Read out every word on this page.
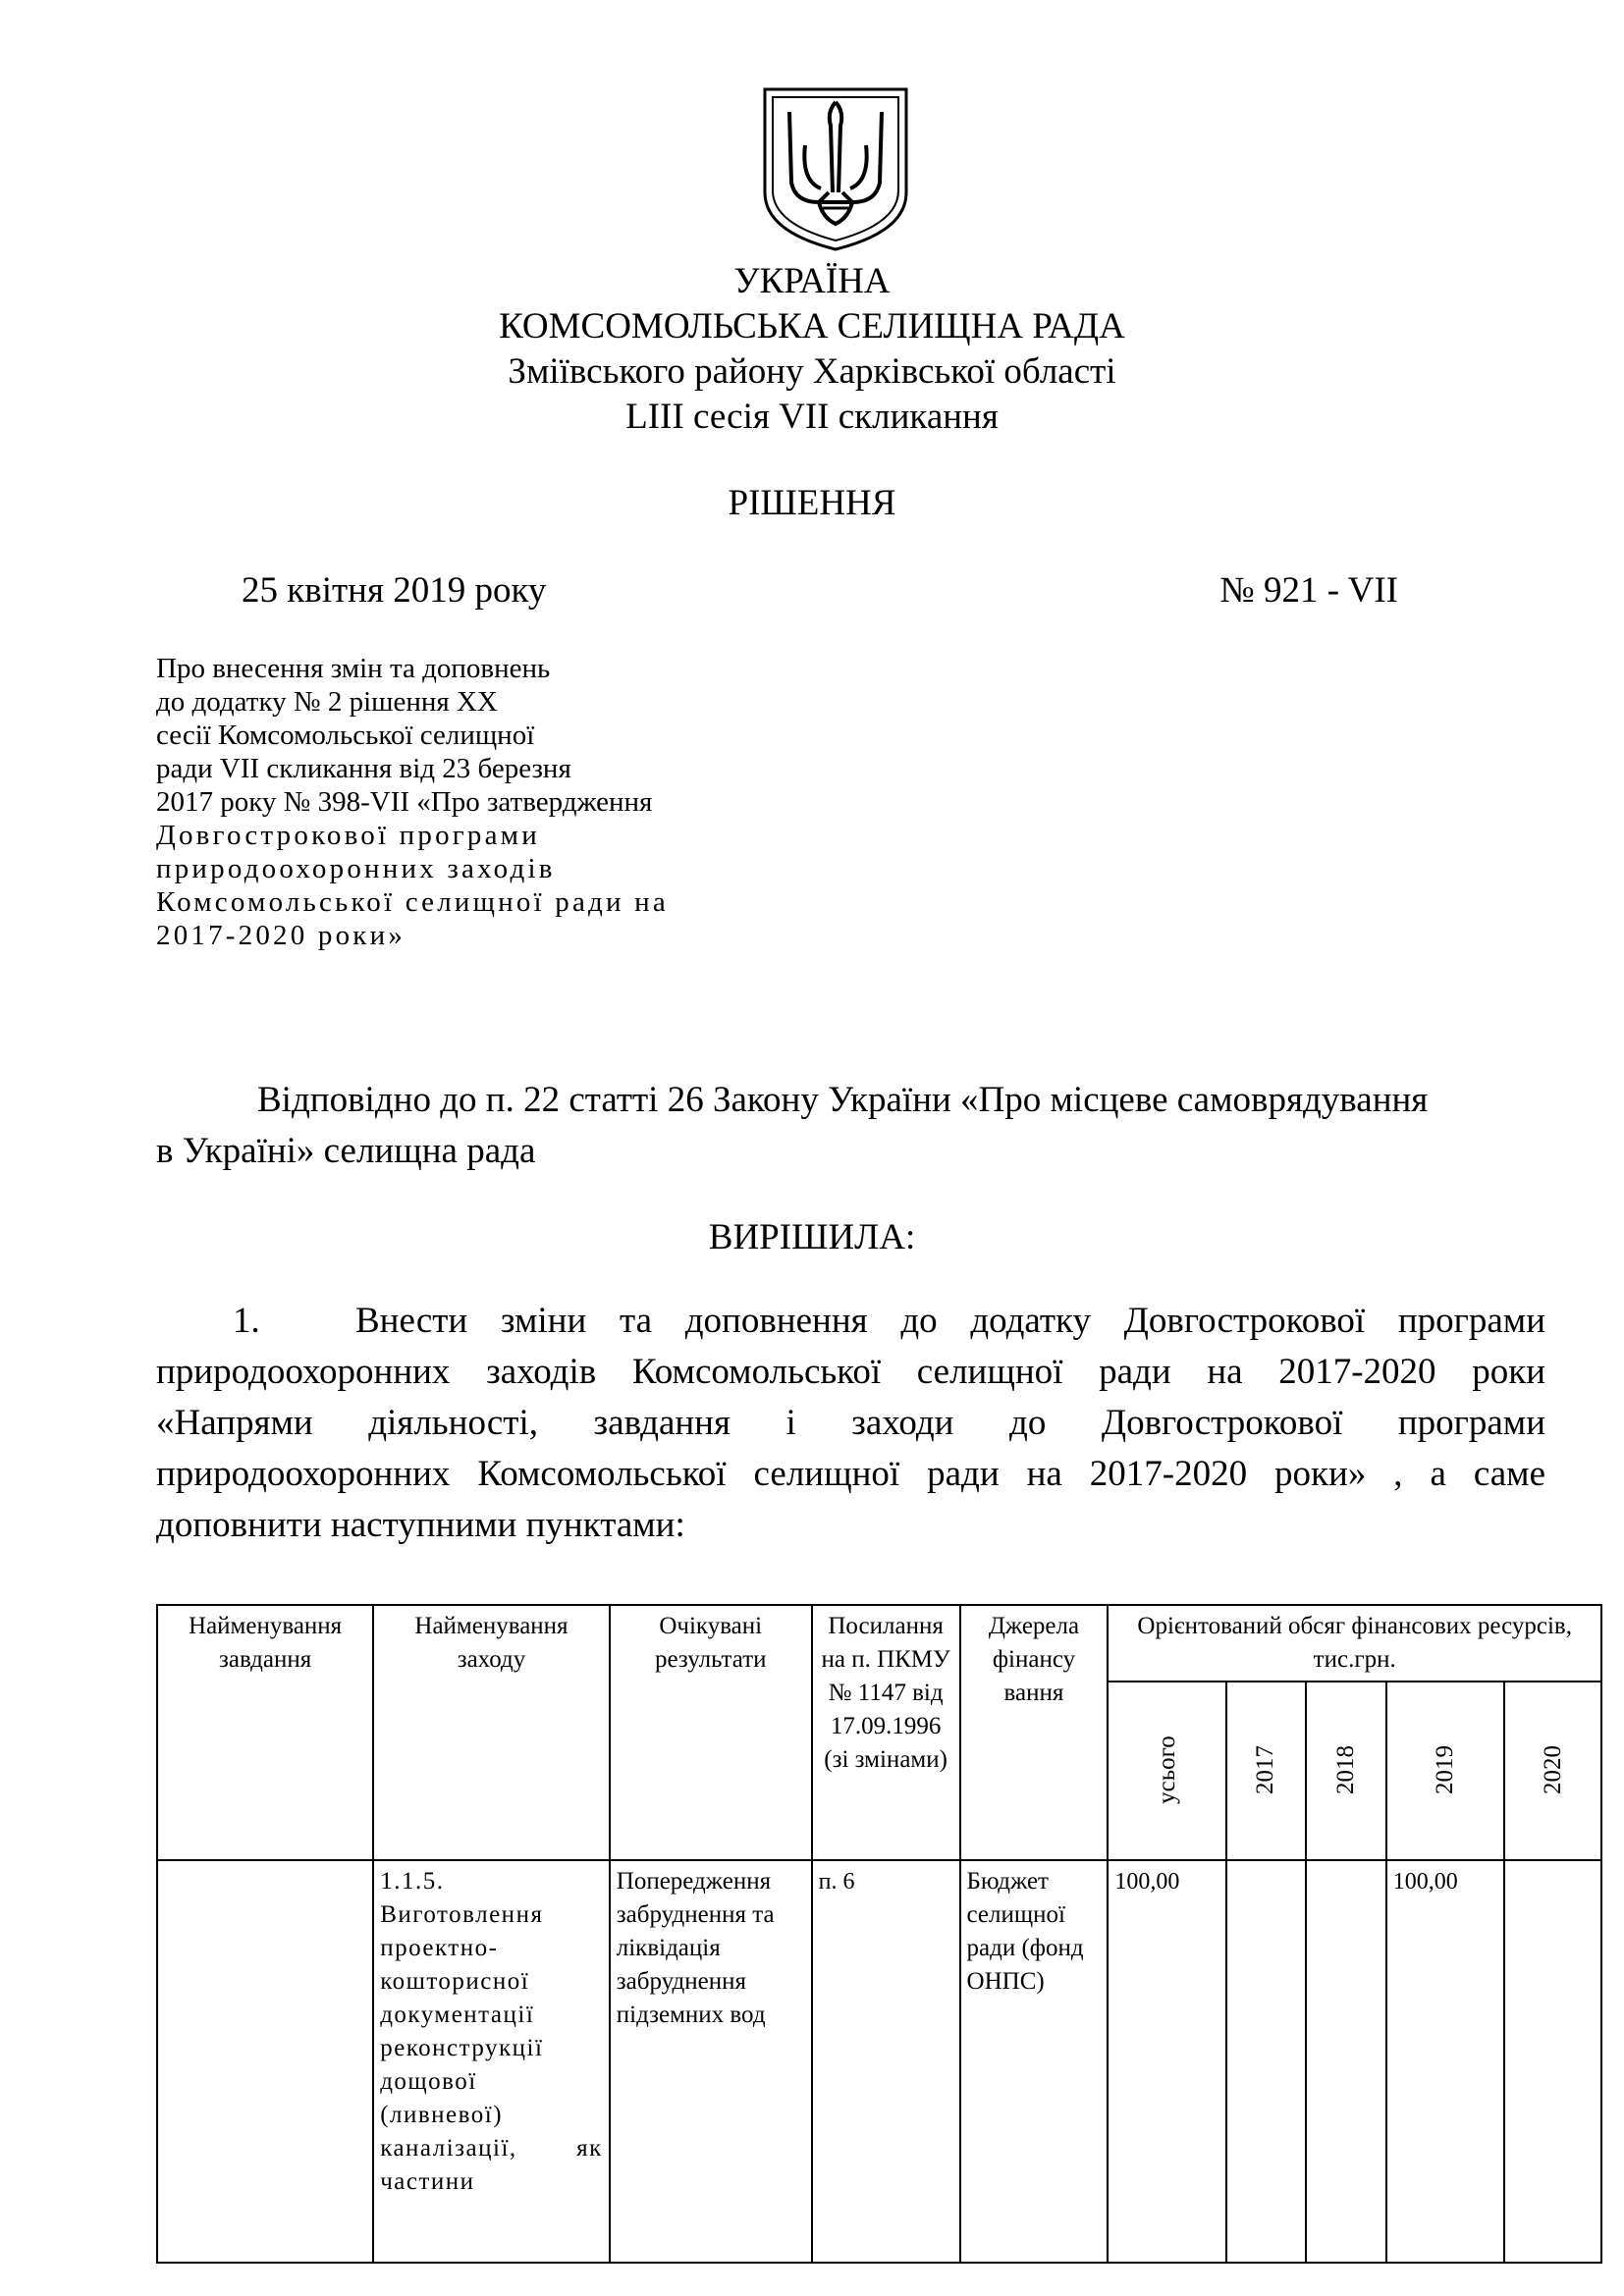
УКРАЇНА
КОМСОМОЛЬСЬКА СЕЛИЩНА РАДА
Зміївського району Харківської області
LIII сесія VII скликання
РІШЕННЯ
25 квітня 2019 року	№ 921 - VII
Про внесення змін та доповнень
до додатку № 2 рішення ХХ
сесії Комсомольської селищної
ради VII скликання від 23 березня
2017 року № 398-VII «Про затвердження
Довгострокової програми
природоохоронних заходів
Комсомольської селищної ради на
2017-2020 роки»
Відповідно до п. 22 статті 26 Закону України «Про місцеве самоврядування
в Україні» селищна рада
ВИРІШИЛА:
1.	Внести зміни та доповнення до додатку Довгострокової програми
природоохоронних заходів Комсомольської селищної ради на 2017-2020 роки
«Напрями діяльності, завдання і заходи до Довгострокової програми
природоохоронних Комсомольської селищної ради на 2017-2020 роки» , а саме
доповнити наступними пунктами:
Найменування завдання	Найменування заходу	Очікувані результати	Посилання на п. ПКМУ № 1147 від 17.09.1996 (зі змінами)	Джерела фінансу вання	Орієнтований обсяг фінансових ресурсів, тис.грн.				
					усього	2017	2018	2019	2020
	1.1.5. Виготовлення проектно-кошторисної документації реконструкції дощової (ливневої) каналізації, як частини	Попередження забруднення та ліквідація забруднення підземних вод	п. 6	Бюджет селищної ради (фонд ОНПС)	100,00			100,00	
